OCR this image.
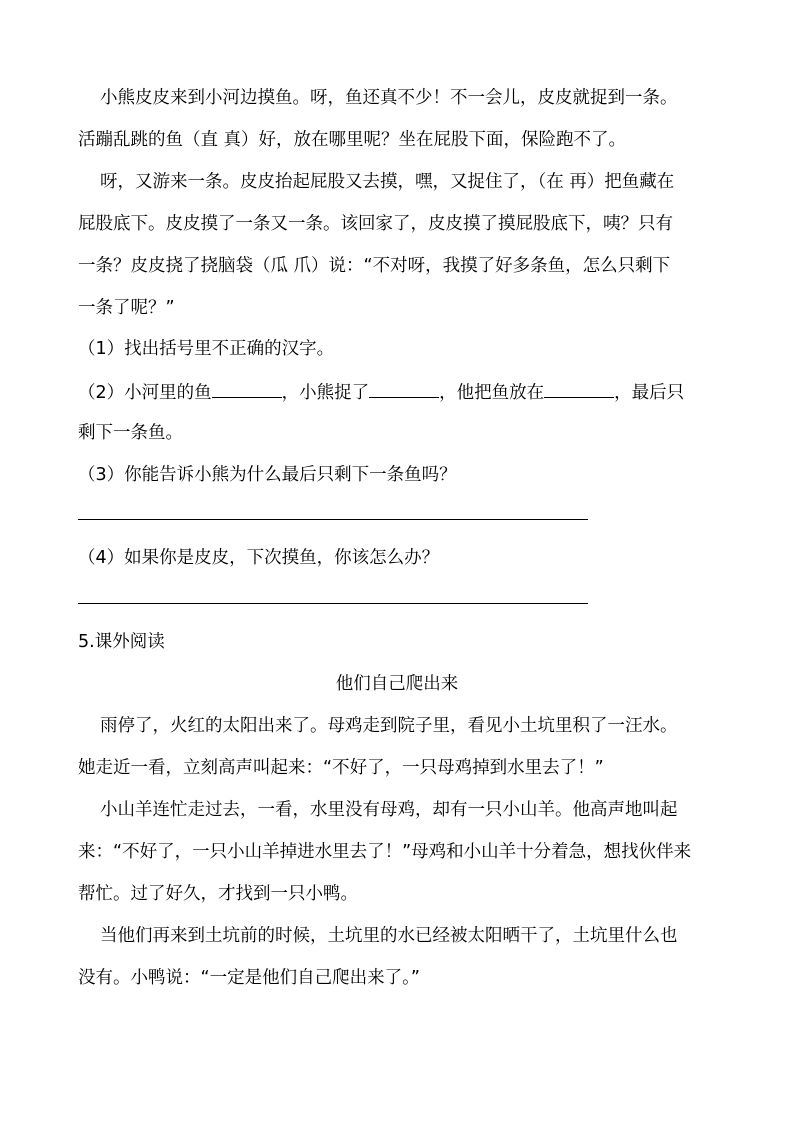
小熊皮皮来到小河边摸鱼。呀，鱼还真不少！不一会儿，皮皮就捉到一条。
活蹦乱跳的鱼（直 真）好，放在哪里呢？坐在屁股下面，保险跑不了。
呀，又游来一条。皮皮抬起屁股又去摸，嘿，又捉住了，（在 再）把鱼藏在
屁股底下。皮皮摸了一条又一条。该回家了，皮皮摸了摸屁股底下，咦？只有
一条？皮皮挠了挠脑袋（瓜 爪）说：“不对呀，我摸了好多条鱼，怎么只剩下
一条了呢？”
（1）找出括号里不正确的汉字。
（2）小河里的鱼	，小熊捉了	，他把鱼放在	，最后只
剩下一条鱼。
（3）你能告诉小熊为什么最后只剩下一条鱼吗？
（4）如果你是皮皮，下次摸鱼，你该怎么办？
5.课外阅读
他们自己爬出来
雨停了，火红的太阳出来了。母鸡走到院子里，看见小土坑里积了一汪水。
她走近一看，立刻高声叫起来：“不好了，一只母鸡掉到水里去了！”
小山羊连忙走过去，一看，水里没有母鸡，却有一只小山羊。他高声地叫起
来：“不好了，一只小山羊掉进水里去了！”母鸡和小山羊十分着急，想找伙伴来
帮忙。过了好久，才找到一只小鸭。
当他们再来到土坑前的时候，土坑里的水已经被太阳晒干了，土坑里什么也
没有。小鸭说：“一定是他们自己爬出来了。”
